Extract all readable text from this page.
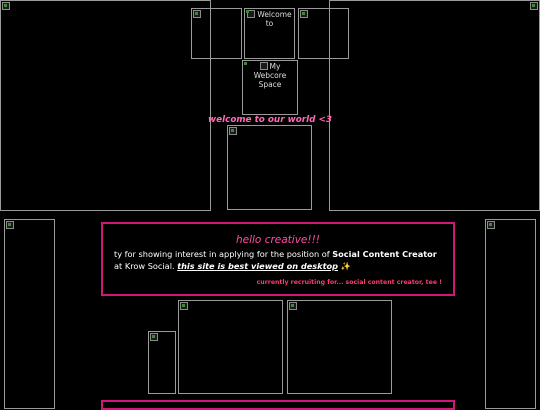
Welcome to
My Webcore Space
welcome to our world <3
hello creative!!!
ty for showing interest in applying for the position of Social Content Creator at Krow Social. this site is best viewed on desktop ✨
currently recruiting for... social content creator, tee !
